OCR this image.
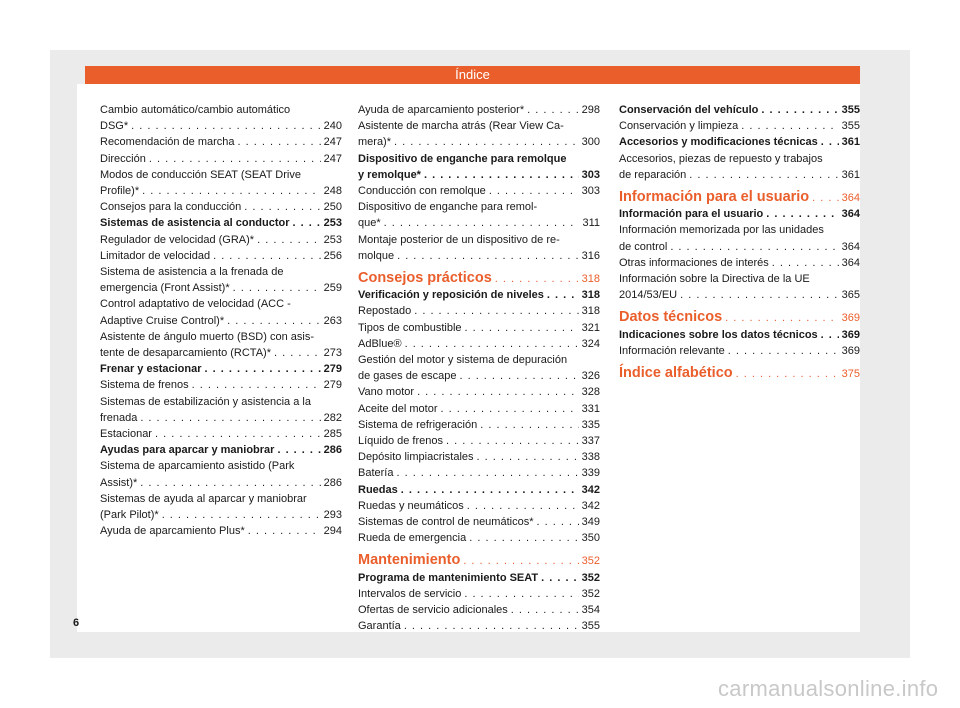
Índice
Cambio automático/cambio automático
DSG* . . .	240
Recomendación de marcha . . .	247
Dirección . . .	247
Modos de conducción SEAT (SEAT Drive
Profile)* . . .	248
Consejos para la conducción . . .	250
Sistemas de asistencia al conductor . . .	253
Regulador de velocidad (GRA)* . . .	253
Limitador de velocidad . . .	256
Sistema de asistencia a la frenada de
emergencia (Front Assist)* . . .	259
Control adaptativo de velocidad (ACC -
Adaptive Cruise Control)* . . .	263
Asistente de ángulo muerto (BSD) con asis-
tente de desaparcamiento (RCTA)* . . .	273
Frenar y estacionar . . .	279
Sistema de frenos . . .	279
Sistemas de estabilización y asistencia a la
frenada . . .	282
Estacionar . . .	285
Ayudas para aparcar y maniobrar . . .	286
Sistema de aparcamiento asistido (Park
Assist)* . . .	286
Sistemas de ayuda al aparcar y maniobrar
(Park Pilot)* . . .	293
Ayuda de aparcamiento Plus* . . .	294
Ayuda de aparcamiento posterior* . . .	298
Asistente de marcha atrás (Rear View Ca-
mera)* . . .	300
Dispositivo de enganche para remolque
y remolque* . . .	303
Conducción con remolque . . .	303
Dispositivo de enganche para remol-
que* . . .	311
Montaje posterior de un dispositivo de re-
molque . . .	316
Consejos prácticos . . .	318
Verificación y reposición de niveles . . .	318
Repostado . . .	318
Tipos de combustible . . .	321
AdBlue® . . .	324
Gestión del motor y sistema de depuración
de gases de escape . . .	326
Vano motor . . .	328
Aceite del motor . . .	331
Sistema de refrigeración . . .	335
Líquido de frenos . . .	337
Depósito limpiacristales . . .	338
Batería . . .	339
Ruedas . . .	342
Ruedas y neumáticos . . .	342
Sistemas de control de neumáticos* . . .	349
Rueda de emergencia . . .	350
Mantenimiento . . .	352
Programa de mantenimiento SEAT . . .	352
Intervalos de servicio . . .	352
Ofertas de servicio adicionales . . .	354
Garantía . . .	355
Conservación del vehículo . . .	355
Conservación y limpieza . . .	355
Accesorios y modificaciones técnicas . . . 361
Accesorios, piezas de repuesto y trabajos
de reparación . . .	361
Información para el usuario . . .	364
Información para el usuario . . .	364
Información memorizada por las unidades
de control . . .	364
Otras informaciones de interés . . .	364
Información sobre la Directiva de la UE
2014/53/EU . . .	365
Datos técnicos . . .	369
Indicaciones sobre los datos técnicos . . . 369
Información relevante . . .	369
Índice alfabético . . .	375
6
carmanualsonline.info
